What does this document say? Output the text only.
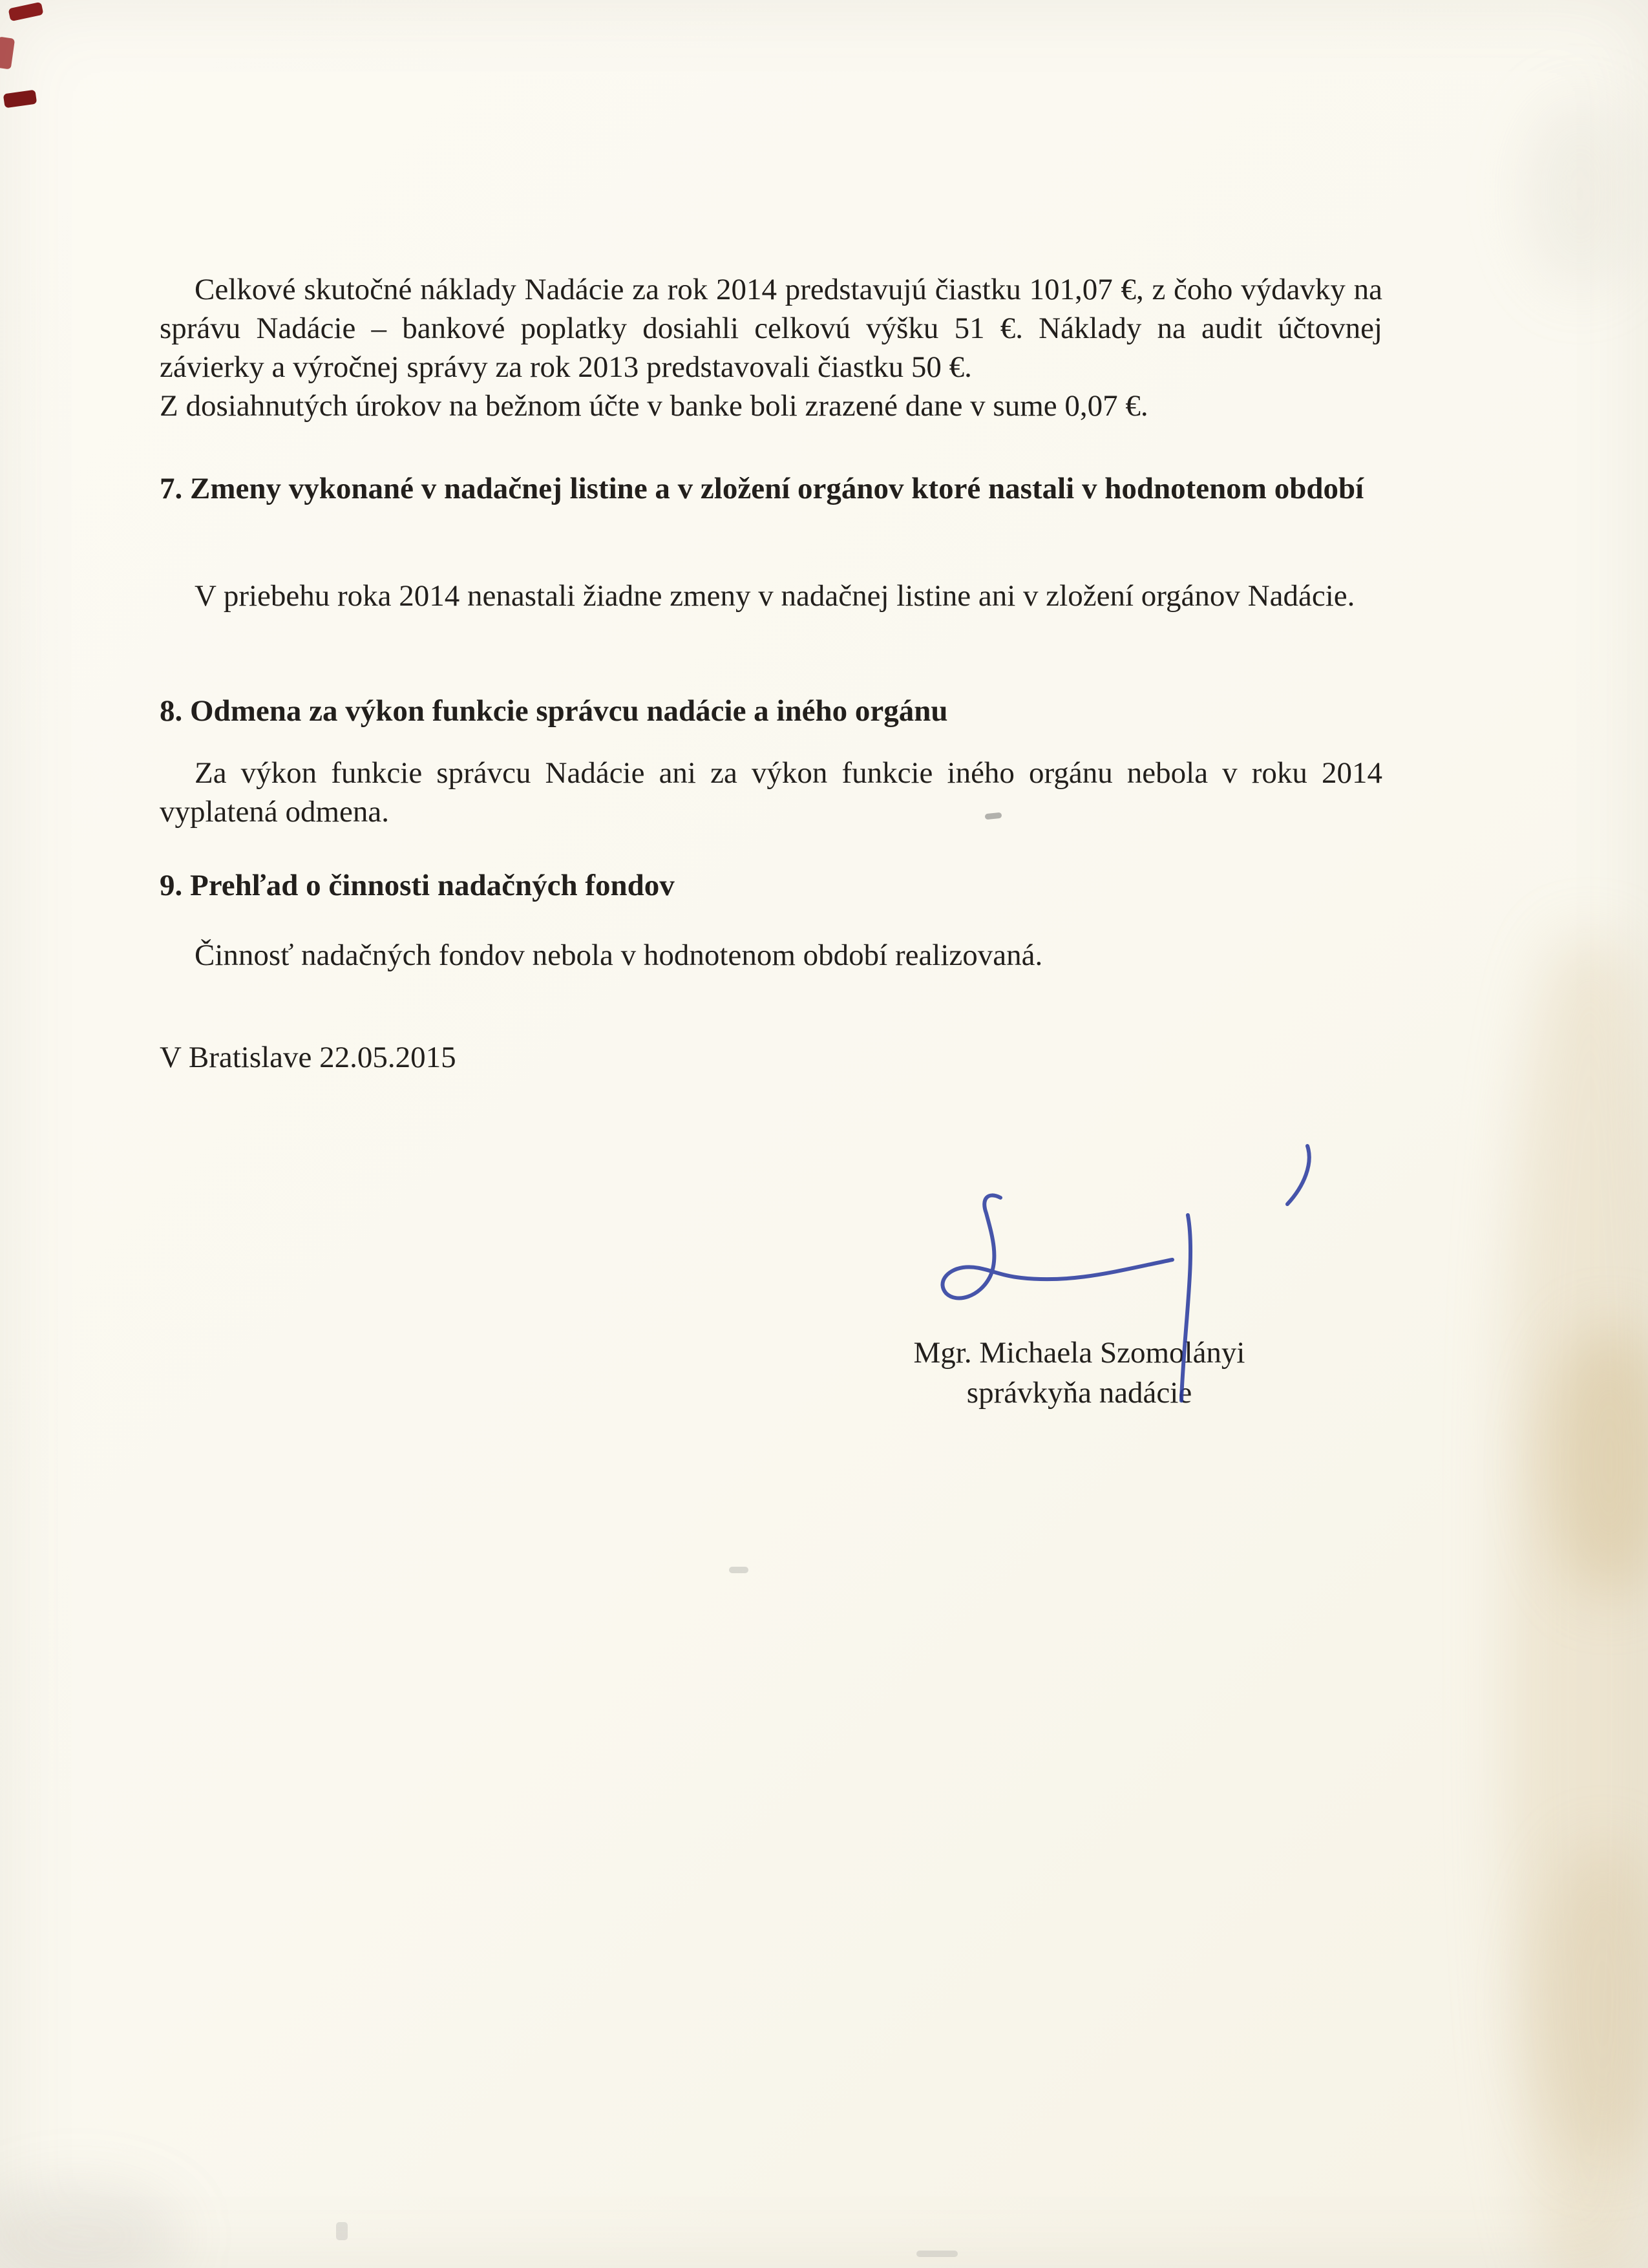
Celkové skutočné náklady Nadácie za rok 2014 predstavujú čiastku 101,07 €, z čoho výdavky na správu Nadácie – bankové poplatky dosiahli celkovú výšku 51 €. Náklady na audit účtovnej závierky a výročnej správy za rok 2013 predstavovali čiastku 50 €.
Z dosiahnutých úrokov na bežnom účte v banke boli zrazené dane v sume 0,07 €.
7. Zmeny vykonané v nadačnej listine a v zložení orgánov ktoré nastali v hodnotenom období
V priebehu roka 2014 nenastali žiadne zmeny v nadačnej listine ani v zložení orgánov Nadácie.
8. Odmena za výkon funkcie správcu nadácie a iného orgánu
Za výkon funkcie správcu Nadácie ani za výkon funkcie iného orgánu nebola v roku 2014 vyplatená odmena.
9. Prehľad o činnosti nadačných fondov
Činnosť nadačných fondov nebola v hodnotenom období realizovaná.
V Bratislave 22.05.2015
Mgr. Michaela Szomolányi
správkyňa nadácie
